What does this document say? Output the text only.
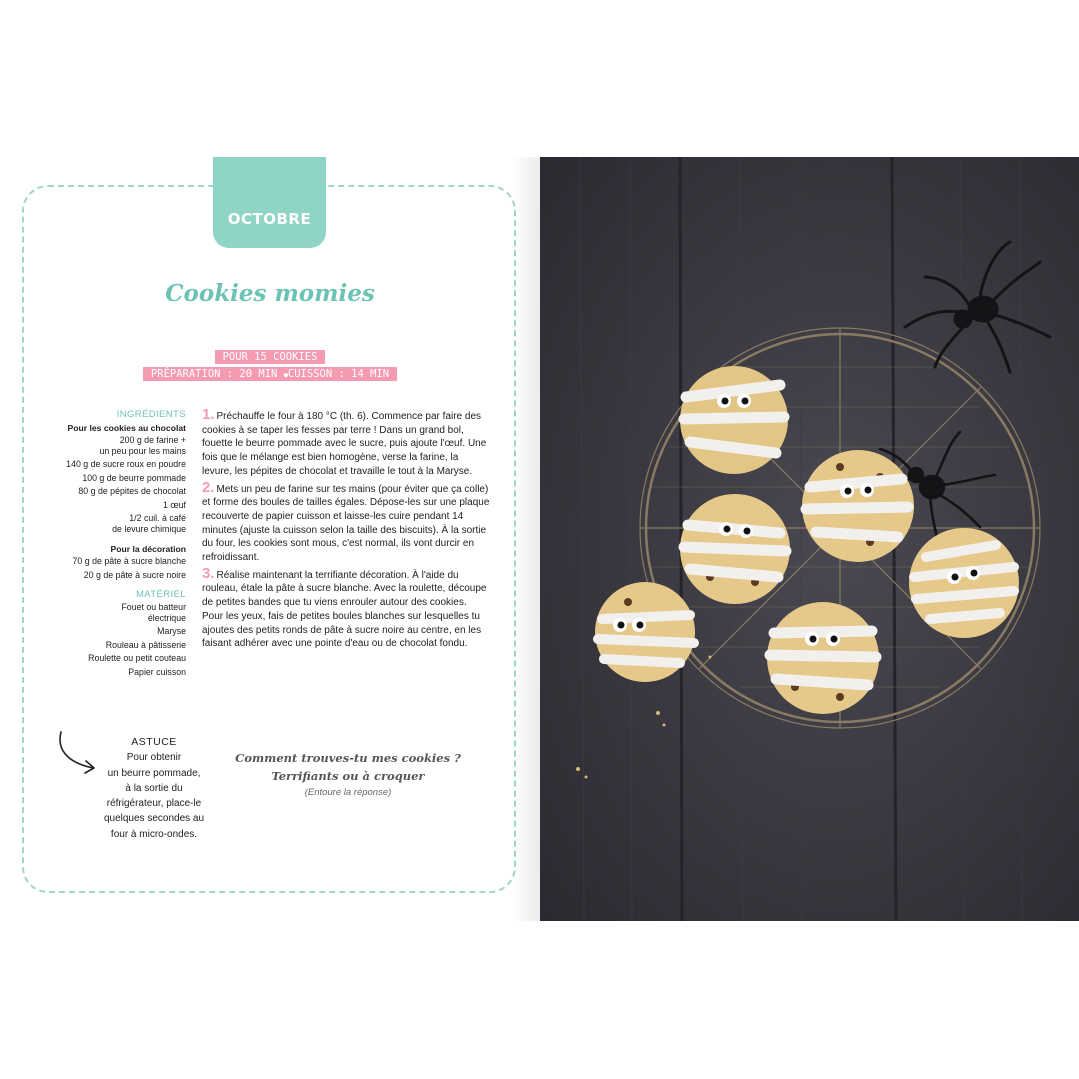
OCTOBRE
Cookies momies
POUR 15 COOKIES
PRÉPARATION : 20 MIN ●CUISSON : 14 MIN
INGRÉDIENTS
Pour les cookies au chocolat
200 g de farine +
un peu pour les mains
140 g de sucre roux en poudre
100 g de beurre pommade
80 g de pépites de chocolat
1 œuf
1/2 cuil. à café
de levure chimique
Pour la décoration
70 g de pâte à sucre blanche
20 g de pâte à sucre noire
MATÉRIEL
Fouet ou batteur
électrique
Maryse
Rouleau à pâtisserie
Roulette ou petit couteau
Papier cuisson
1. Préchauffe le four à 180 °C (th. 6). Commence par faire des cookies à se taper les fesses par terre ! Dans un grand bol, fouette le beurre pommade avec le sucre, puis ajoute l'œuf. Une fois que le mélange est bien homogène, verse la farine, la levure, les pépites de chocolat et travaille le tout à la Maryse.
2. Mets un peu de farine sur tes mains (pour éviter que ça colle) et forme des boules de tailles égales. Dépose-les sur une plaque recouverte de papier cuisson et laisse-les cuire pendant 14 minutes (ajuste la cuisson selon la taille des biscuits). À la sortie du four, les cookies sont mous, c'est normal, ils vont durcir en refroidissant.
3. Réalise maintenant la terrifiante décoration. À l'aide du rouleau, étale la pâte à sucre blanche. Avec la roulette, découpe de petites bandes que tu viens enrouler autour des cookies. Pour les yeux, fais de petites boules blanches sur lesquelles tu ajoutes des petits ronds de pâte à sucre noire au centre, en les faisant adhérer avec une pointe d'eau ou de chocolat fondu.
ASTUCE
Pour obtenir
un beurre pommade,
à la sortie du
réfrigérateur, place-le
quelques secondes au
four à micro-ondes.
Comment trouves-tu mes cookies ?
Terrifiants ou à croquer
(Entoure la réponse)
